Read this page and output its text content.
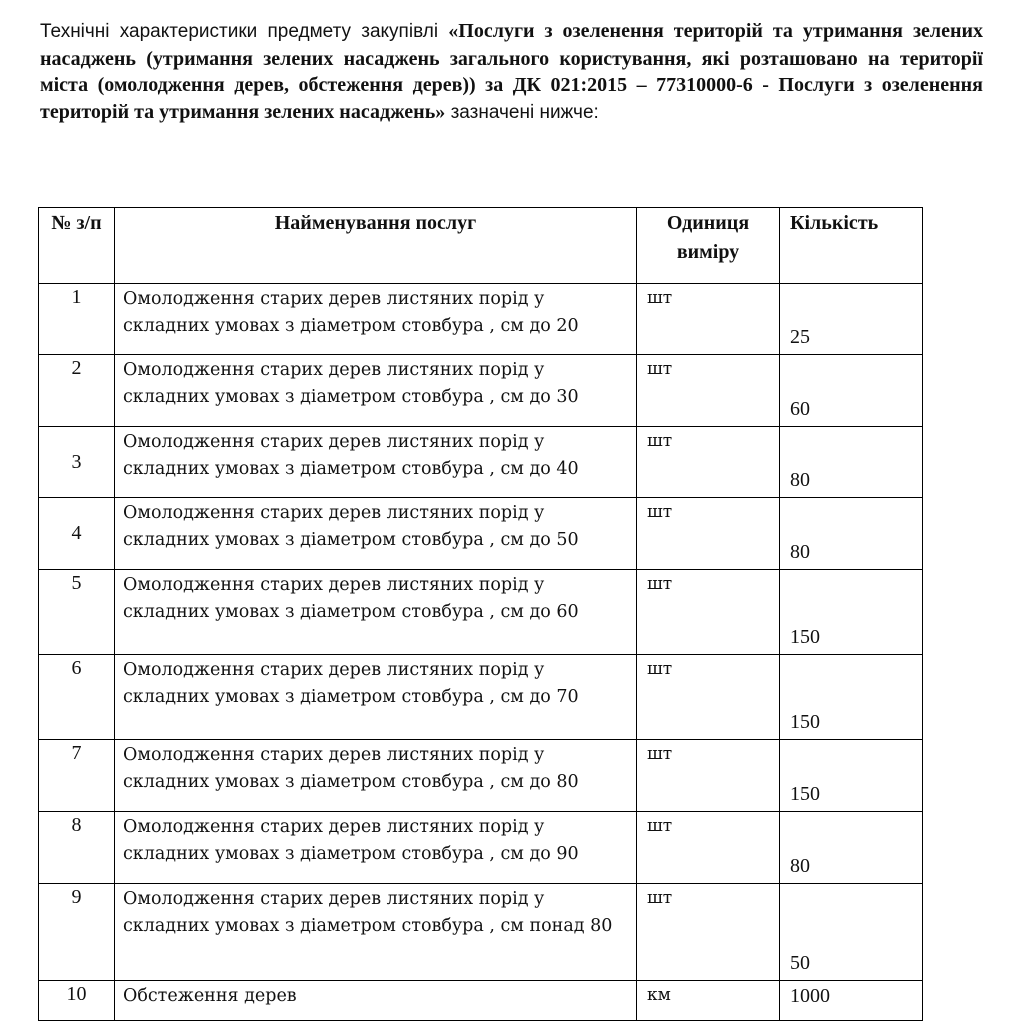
Технічні характеристики предмету закупівлі «Послуги з озеленення територій та утримання зелених насаджень (утримання зелених насаджень загального користування, які розташовано на території міста (омолодження дерев, обстеження дерев)) за ДК 021:2015 – 77310000-6 - Послуги з озеленення територій та утримання зелених насаджень» зазначені нижче:

№ з/п	Найменування послуг	Одиниця виміру	Кількість
1	Омолодження старих дерев листяних порід у складних умовах з діаметром стовбура , см до 20	шт	25
2	Омолодження старих дерев листяних порід у складних умовах з діаметром стовбура , см до 30	шт	60
3	Омолодження старих дерев листяних порід у складних умовах з діаметром стовбура , см до 40	шт	80
4	Омолодження старих дерев листяних порід у складних умовах з діаметром стовбура , см до 50	шт	80
5	Омолодження старих дерев листяних порід у складних умовах з діаметром стовбура , см до 60	шт	150
6	Омолодження старих дерев листяних порід у складних умовах з діаметром стовбура , см до 70	шт	150
7	Омолодження старих дерев листяних порід у складних умовах з діаметром стовбура , см до 80	шт	150
8	Омолодження старих дерев листяних порід у складних умовах з діаметром стовбура , см до 90	шт	80
9	Омолодження старих дерев листяних порід у складних умовах з діаметром стовбура , см понад 80	шт	50
10	Обстеження дерев	км	1000
